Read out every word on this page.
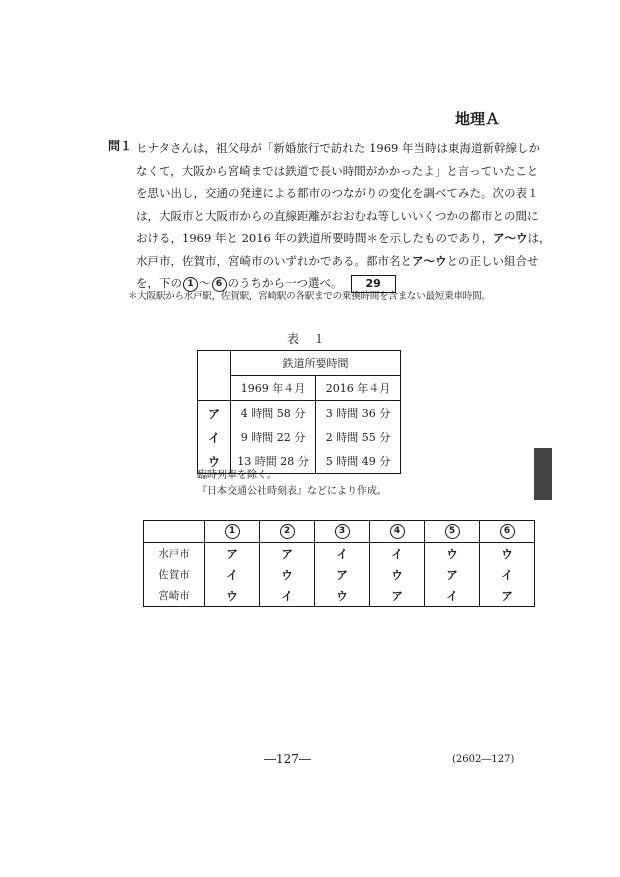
地理Ａ
問１ ヒナタさんは，祖父母が「新婚旅行で訪れた 1969 年当時は東海道新幹線しか
なくて，大阪から宮崎までは鉄道で長い時間がかかったよ」と言っていたこと
を思い出し，交通の発達による都市のつながりの変化を調べてみた。次の表１
は，大阪市と大阪市からの直線距離がおおむね等しいいくつかの都市との間に
おける，1969 年と 2016 年の鉄道所要時間＊を示したものであり，ア～ウは，
水戸市，佐賀市，宮崎市のいずれかである。都市名とア～ウとの正しい組合せ
を，下の 1 ～ 6 のうちから一つ選べ。 29
＊大阪駅から水戸駅，佐賀駅，宮崎駅の各駅までの乗換時間を含まない最短乗車時間。
表１
	鉄道所要時間	
	1969 年４月	2016 年４月
ア	4 時間 58 分	3 時間 36 分
イ	9 時間 22 分	2 時間 55 分
ウ	13 時間 28 分	5 時間 49 分
臨時列車を除く。
『日本交通公社時刻表』などにより作成。
	1	2	3	4	5	6
水戸市	ア	ア	イ	イ	ウ	ウ
佐賀市	イ	ウ	ア	ウ	ア	イ
宮崎市	ウ	イ	ウ	ア	イ	ア
―127―	(2602―127)
